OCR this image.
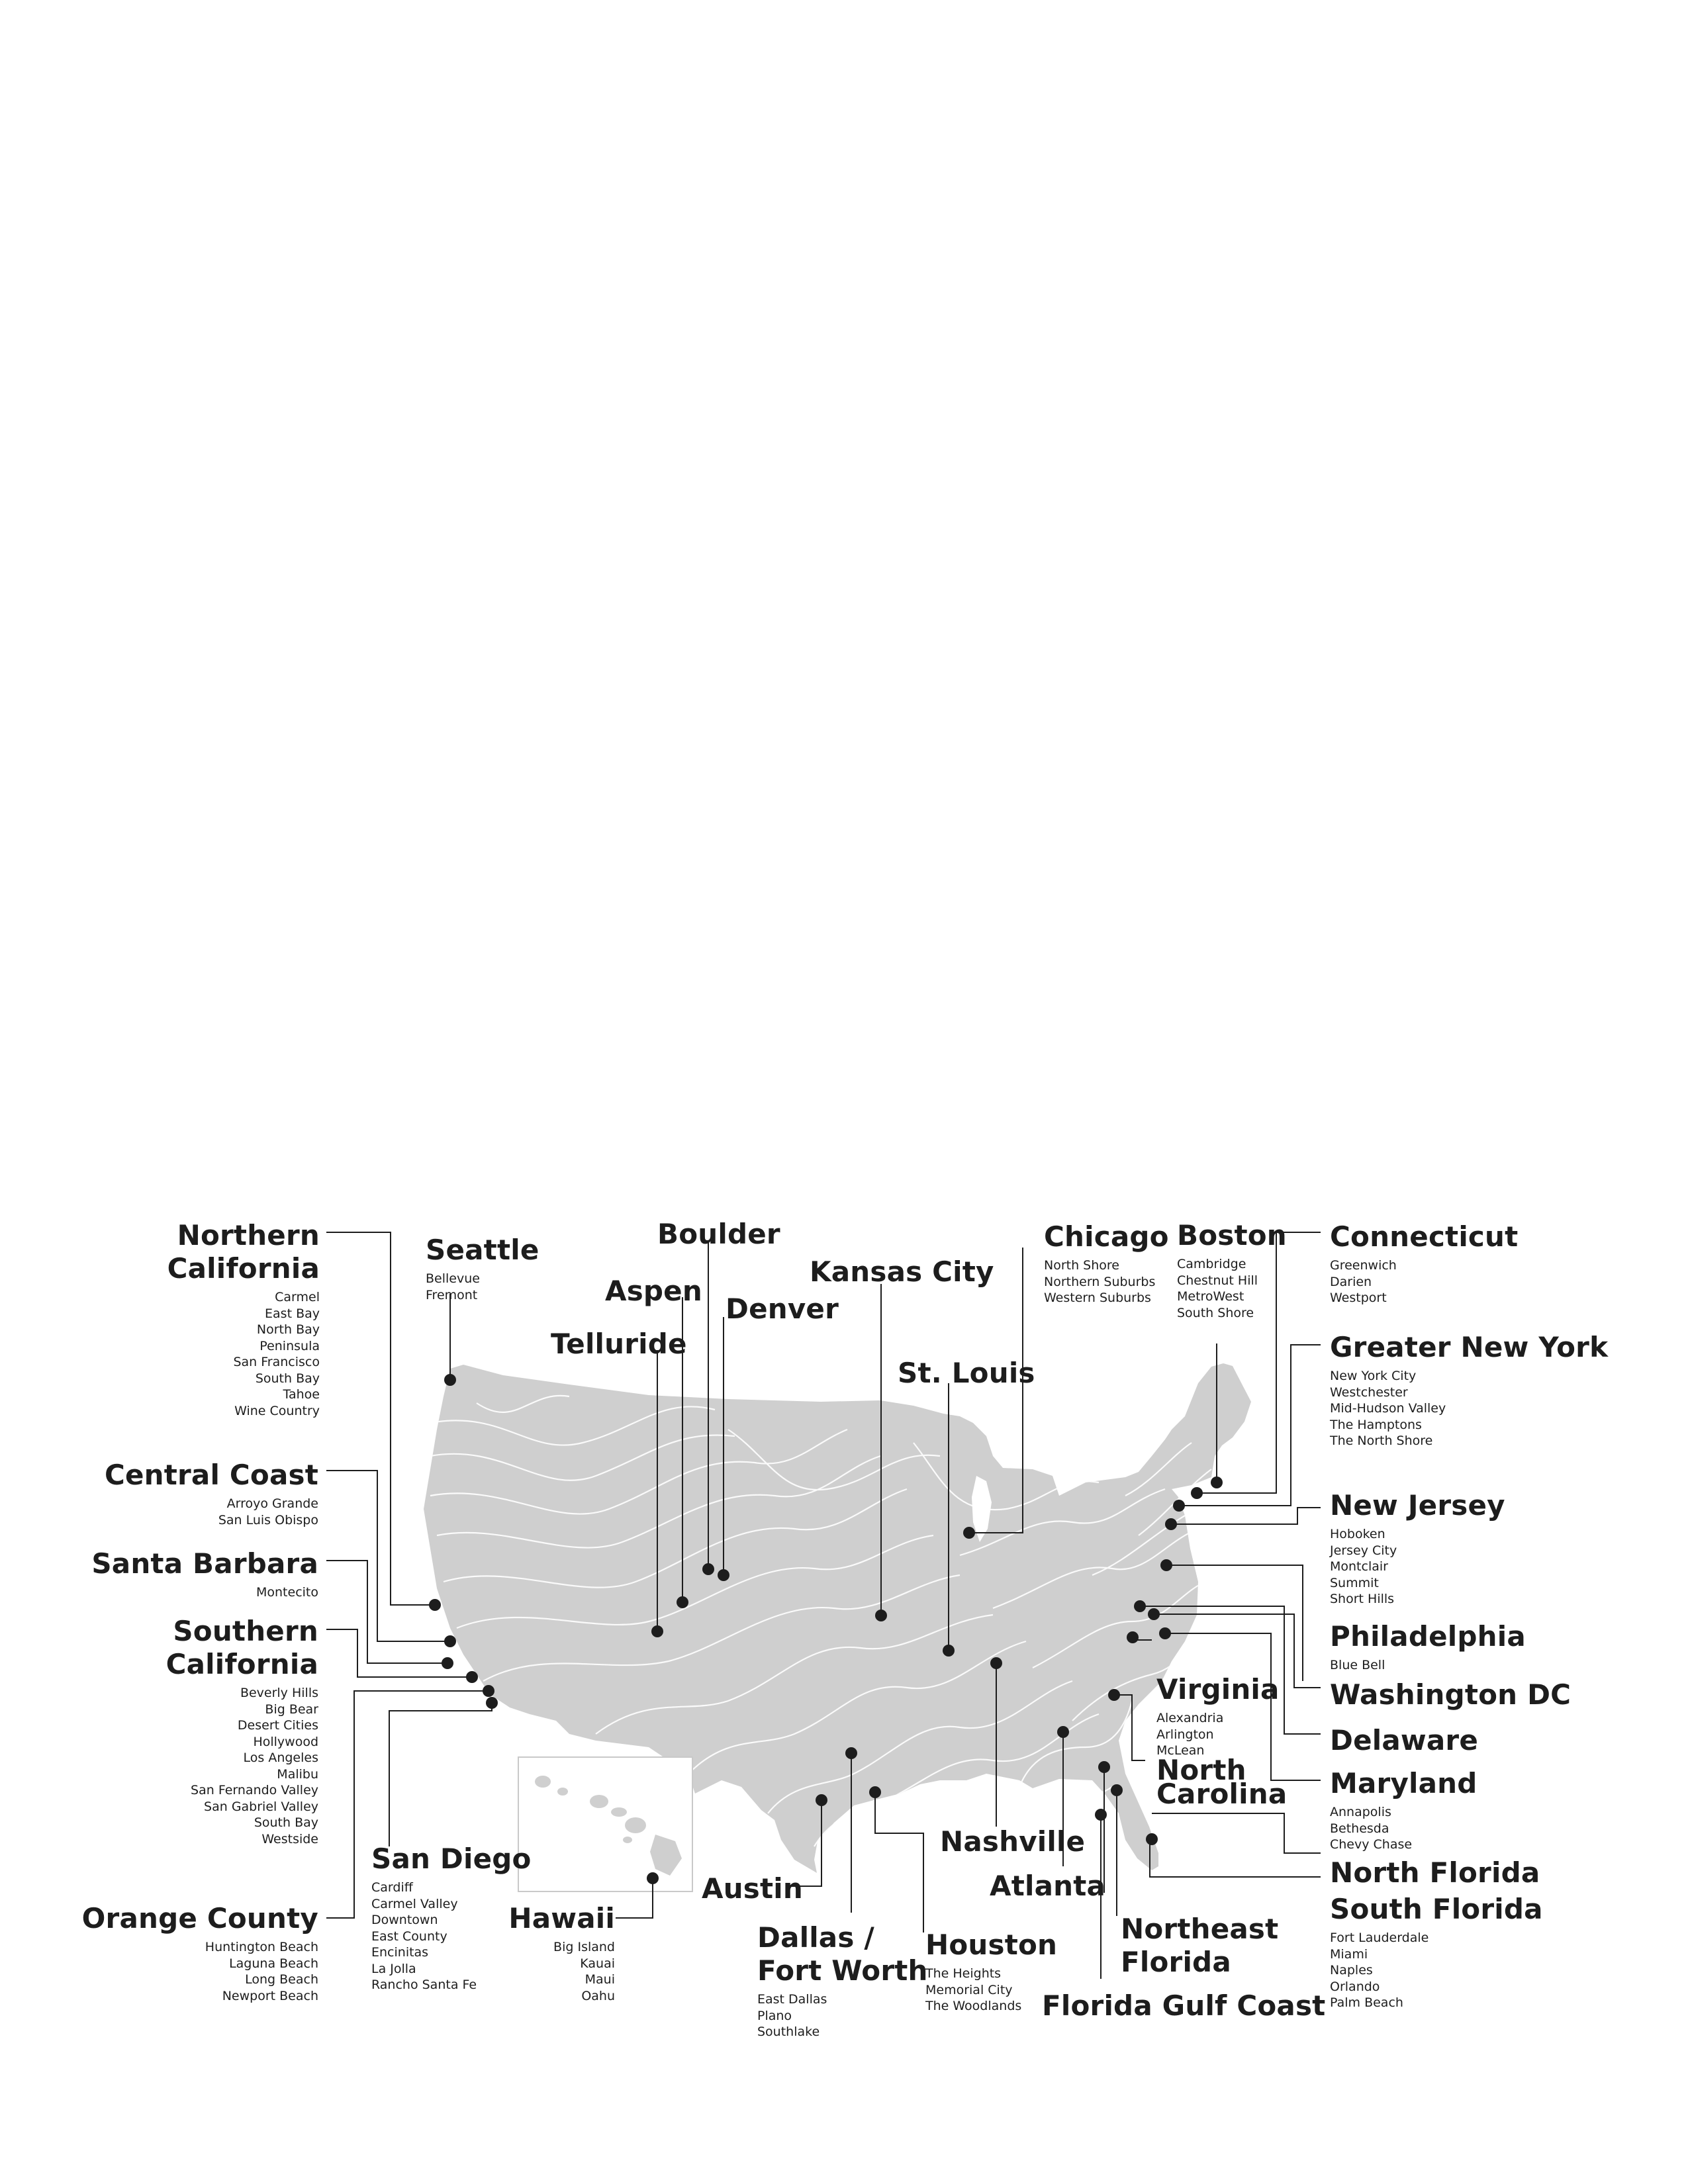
Northern
California
Carmel
East Bay
North Bay
Peninsula
San Francisco
South Bay
Tahoe
Wine Country
Seattle
Bellevue
Fremont
Boulder
Aspen
Denver
Telluride
Kansas City
St. Louis
Chicago
North Shore
Northern Suburbs
Western Suburbs
Boston
Cambridge
Chestnut Hill
MetroWest
South Shore
Connecticut
Greenwich
Darien
Westport
Greater New York
New York City
Westchester
Mid-Hudson Valley
The Hamptons
The North Shore
New Jersey
Hoboken
Jersey City
Montclair
Summit
Short Hills
Philadelphia
Blue Bell
Washington DC
Virginia
Alexandria
Arlington
McLean	Delaware
North
Carolina Maryland
Annapolis
Bethesda
Chevy Chase
North Florida
South Florida
Fort Lauderdale
Miami
Naples
Orlando
Palm Beach
Central Coast
Arroyo Grande
San Luis Obispo
Santa Barbara
Montecito
Southern
California
Beverly Hills
Big Bear
Desert Cities
Hollywood
Los Angeles
Malibu
San Fernando Valley
San Gabriel Valley
South Bay
Westside
San Diego
Cardiff
Carmel Valley
Downtown
East County
Encinitas
La Jolla
Rancho Santa Fe
Orange County
Huntington Beach
Laguna Beach
Long Beach
Newport Beach
Hawaii
Big Island
Kauai
Maui
Oahu
Austin
Dallas /
Fort Worth
East Dallas
Plano
Southlake
Houston
The Heights
Memorial City
The Woodlands
Nashville
Atlanta
Northeast
Florida
Florida Gulf Coast
